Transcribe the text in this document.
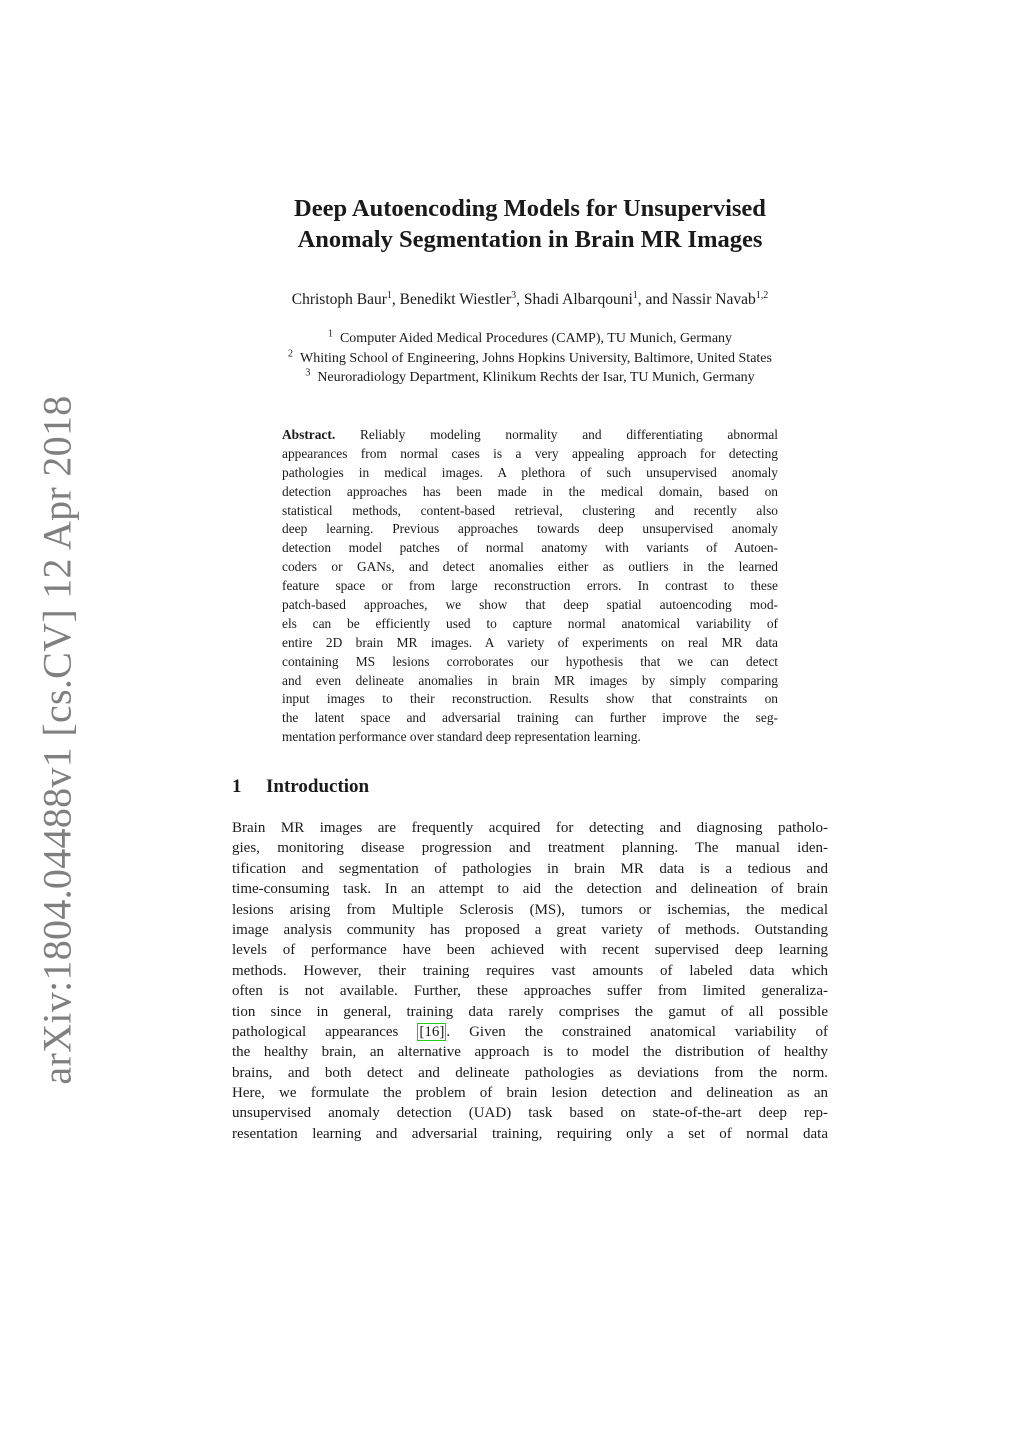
arXiv:1804.04488v1 [cs.CV] 12 Apr 2018
Deep Autoencoding Models for Unsupervised
Anomaly Segmentation in Brain MR Images
Christoph Baur$^1$, Benedikt Wiestler$^3$, Shadi Albarqouni$^1$, and Nassir Navab$^{1,2}$
$^1$ Computer Aided Medical Procedures (CAMP), TU Munich, Germany
$^2$ Whiting School of Engineering, Johns Hopkins University, Baltimore, United States
$^3$ Neuroradiology Department, Klinikum Rechts der Isar, TU Munich, Germany
Abstract. Reliably modeling normality and differentiating abnormal
appearances from normal cases is a very appealing approach for detecting
pathologies in medical images. A plethora of such unsupervised anomaly
detection approaches has been made in the medical domain, based on
statistical methods, content-based retrieval, clustering and recently also
deep learning. Previous approaches towards deep unsupervised anomaly
detection model patches of normal anatomy with variants of Autoen-
coders or GANs, and detect anomalies either as outliers in the learned
feature space or from large reconstruction errors. In contrast to these
patch-based approaches, we show that deep spatial autoencoding mod-
els can be efficiently used to capture normal anatomical variability of
entire 2D brain MR images. A variety of experiments on real MR data
containing MS lesions corroborates our hypothesis that we can detect
and even delineate anomalies in brain MR images by simply comparing
input images to their reconstruction. Results show that constraints on
the latent space and adversarial training can further improve the seg-
mentation performance over standard deep representation learning.
1 Introduction
Brain MR images are frequently acquired for detecting and diagnosing patholo-
gies, monitoring disease progression and treatment planning. The manual iden-
tification and segmentation of pathologies in brain MR data is a tedious and
time-consuming task. In an attempt to aid the detection and delineation of brain
lesions arising from Multiple Sclerosis (MS), tumors or ischemias, the medical
image analysis community has proposed a great variety of methods. Outstanding
levels of performance have been achieved with recent supervised deep learning
methods. However, their training requires vast amounts of labeled data which
often is not available. Further, these approaches suffer from limited generaliza-
tion since in general, training data rarely comprises the gamut of all possible
pathological appearances [16] . Given the constrained anatomical variability of
the healthy brain, an alternative approach is to model the distribution of healthy
brains, and both detect and delineate pathologies as deviations from the norm.
Here, we formulate the problem of brain lesion detection and delineation as an
unsupervised anomaly detection (UAD) task based on state-of-the-art deep rep-
resentation learning and adversarial training, requiring only a set of normal data
